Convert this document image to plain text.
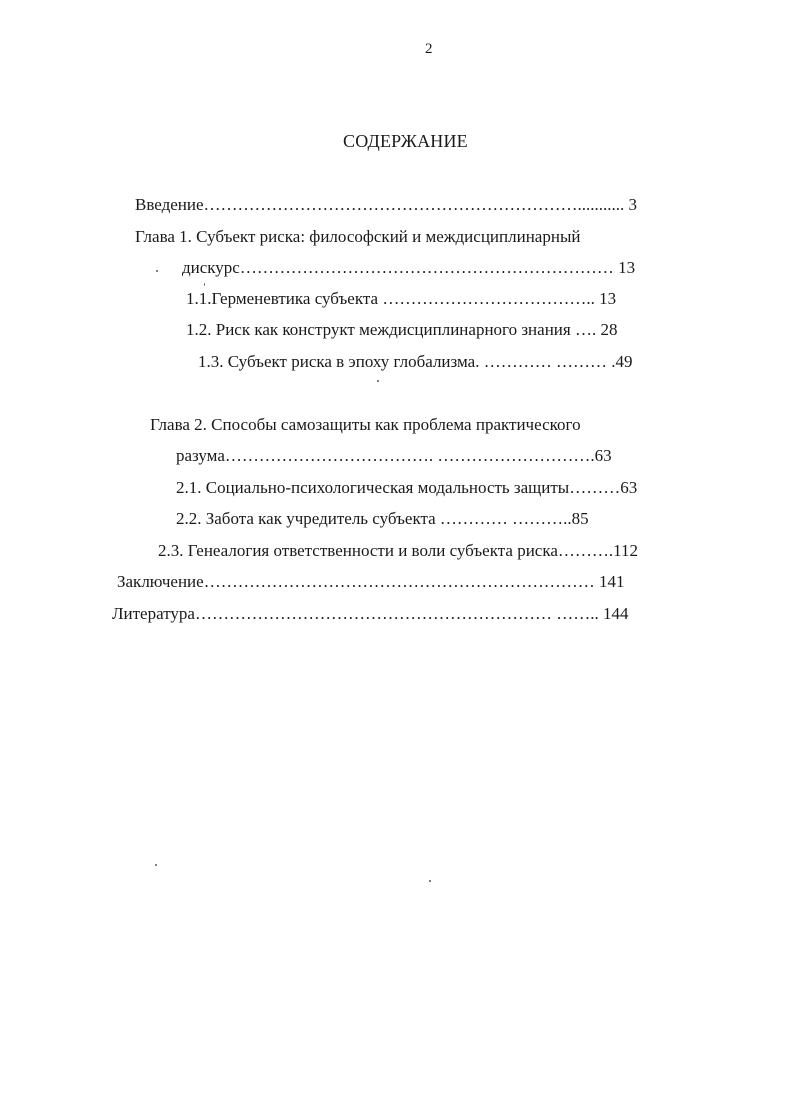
2
СОДЕРЖАНИЕ
Введение…………………………………………………………........... 3
Глава 1. Субъект риска: философский и междисциплинарный
дискурс………………………………………………………… 13
1.1.Герменевтика субъекта ……………………………….. 13
1.2. Риск как конструкт междисциплинарного знания …. 28
1.3. Субъект риска в эпоху глобализма. ………… ……… .49
Глава 2. Способы самозащиты как проблема практического
разума………………………………. ……………………….63
2.1. Социально-психологическая модальность защиты………63
2.2. Забота как учредитель субъекта ………… ………..85
2.3. Генеалогия ответственности и воли субъекта риска……….112
Заключение…………………………………………………………… 141
Литература……………………………………………………… …….. 144
